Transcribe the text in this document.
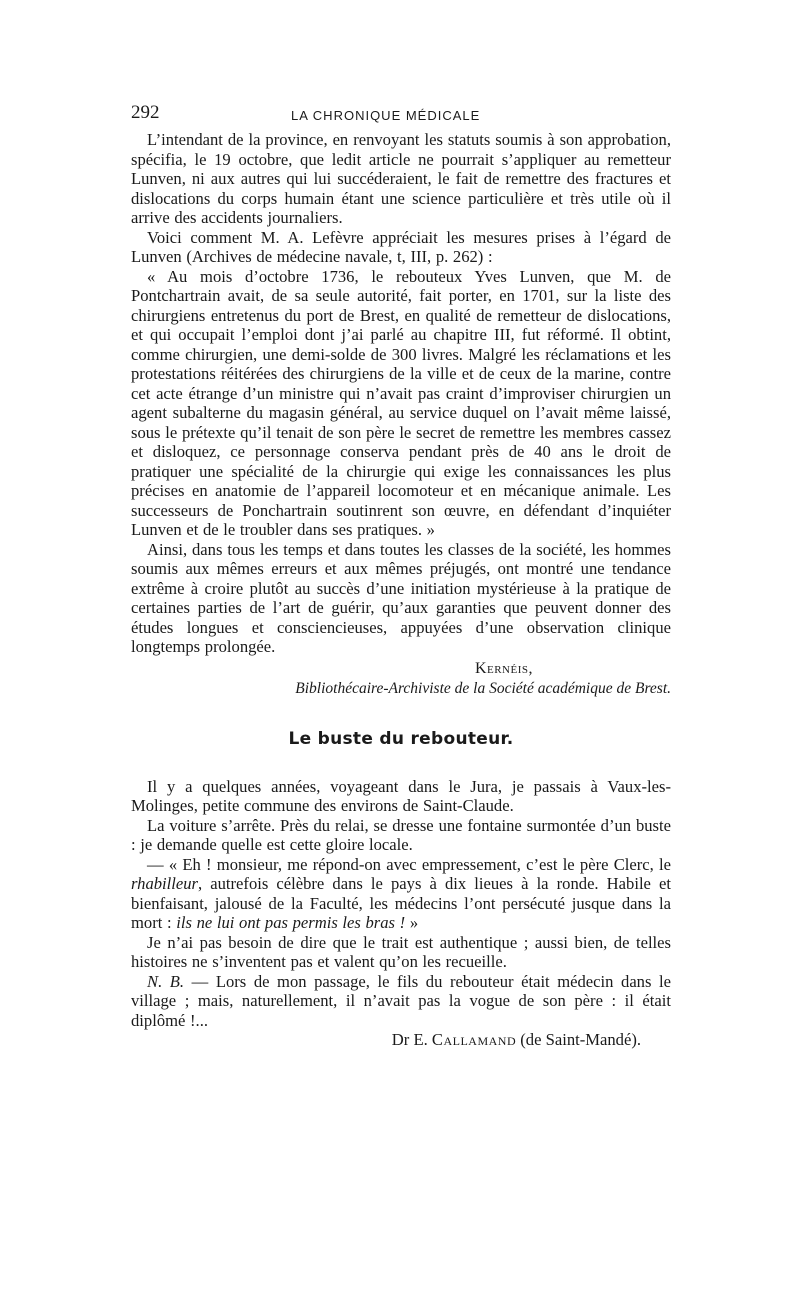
292	LA CHRONIQUE MÉDICALE

L’intendant de la province, en renvoyant les statuts soumis à son approbation, spécifia, le 19 octobre, que ledit article ne pourrait s’appliquer au remetteur Lunven, ni aux autres qui lui succéderaient, le fait de remettre des fractures et dislocations du corps humain étant une science particulière et très utile où il arrive des accidents journaliers.

Voici comment M. A. Lefèvre appréciait les mesures prises à l’égard de Lunven (Archives de médecine navale, t, III, p. 262) :

« Au mois d’octobre 1736, le rebouteux Yves Lunven, que M. de Pontchartrain avait, de sa seule autorité, fait porter, en 1701, sur la liste des chirurgiens entretenus du port de Brest, en qualité de remetteur de dislocations, et qui occupait l’emploi dont j’ai parlé au chapitre III, fut réformé. Il obtint, comme chirurgien, une demi-solde de 300 livres. Malgré les réclamations et les protestations réitérées des chirurgiens de la ville et de ceux de la marine, contre cet acte étrange d’un ministre qui n’avait pas craint d’improviser chirurgien un agent subalterne du magasin général, au service duquel on l’avait même laissé, sous le prétexte qu’il tenait de son père le secret de remettre les membres cassez et disloquez, ce personnage conserva pendant près de 40 ans le droit de pratiquer une spécialité de la chirurgie qui exige les connaissances les plus précises en anatomie de l’appareil locomoteur et en mécanique animale. Les successeurs de Ponchartrain soutinrent son œuvre, en défendant d’inquiéter Lunven et de le troubler dans ses pratiques. »

Ainsi, dans tous les temps et dans toutes les classes de la société, les hommes soumis aux mêmes erreurs et aux mêmes préjugés, ont montré une tendance extrême à croire plutôt au succès d’une initiation mystérieuse à la pratique de certaines parties de l’art de guérir, qu’aux garanties que peuvent donner des études longues et consciencieuses, appuyées d’une observation clinique longtemps prolongée.

Kernéis,
Bibliothécaire-Archiviste de la Société académique de Brest.
Le buste du rebouteur.

Il y a quelques années, voyageant dans le Jura, je passais à Vaux-les-Molinges, petite commune des environs de Saint-Claude.

La voiture s’arrête. Près du relai, se dresse une fontaine surmontée d’un buste : je demande quelle est cette gloire locale.

— « Eh ! monsieur, me répond-on avec empressement, c’est le père Clerc, le rhabilleur, autrefois célèbre dans le pays à dix lieues à la ronde. Habile et bienfaisant, jalousé de la Faculté, les médecins l’ont persécuté jusque dans la mort : ils ne lui ont pas permis les bras ! »

Je n’ai pas besoin de dire que le trait est authentique ; aussi bien, de telles histoires ne s’inventent pas et valent qu’on les recueille.

N. B. — Lors de mon passage, le fils du rebouteur était médecin dans le village ; mais, naturellement, il n’avait pas la vogue de son père : il était diplômé !...

Dr E. Callamand (de Saint-Mandé).
